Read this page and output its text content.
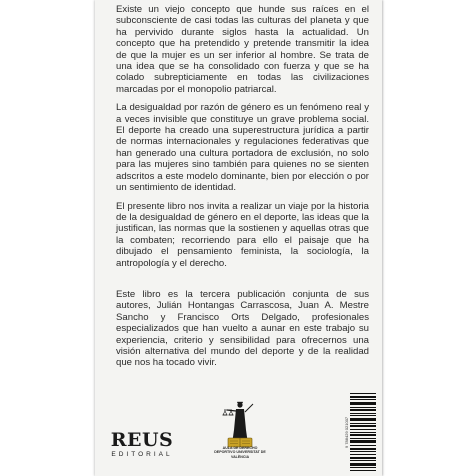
Existe un viejo concepto que hunde sus raíces en el subconsciente de casi todas las culturas del planeta y que ha pervivido durante siglos hasta la actualidad. Un concepto que ha pretendido y pretende transmitir la idea de que la mujer es un ser inferior al hombre. Se trata de una idea que se ha consolidado con fuerza y que se ha colado subrepticiamente en todas las civilizaciones marcadas por el monopolio patriarcal.

La desigualdad por razón de género es un fenómeno real y a veces invisible que constituye un grave problema social. El deporte ha creado una superestructura jurídica a partir de normas internacionales y regulaciones federativas que han generado una cultura portadora de exclusión, no solo para las mujeres sino también para quienes no se sienten adscritos a este modelo dominante, bien por elección o por un sentimiento de identidad.

El presente libro nos invita a realizar un viaje por la historia de la desigualdad de género en el deporte, las ideas que la justifican, las normas que la sostienen y aquellas otras que la combaten; recorriendo para ello el paisaje que ha dibujado el pensamiento feminista, la sociología, la antropología y el derecho.

Este libro es la tercera publicación conjunta de sus autores, Julián Hontangas Carrascosa, Juan A. Mestre Sancho y Francisco Orts Delgado, profesionales especializados que han vuelto a aunar en este trabajo su experiencia, criterio y sensibilidad para ofrecernos una visión alternativa del mundo del deporte y de la realidad que nos ha tocado vivir.

REUS
EDITORIAL
AULA DE DERECHO DEPORTIVO UNIVERSITAT DE VALÈNCIA
9 788429 021007
